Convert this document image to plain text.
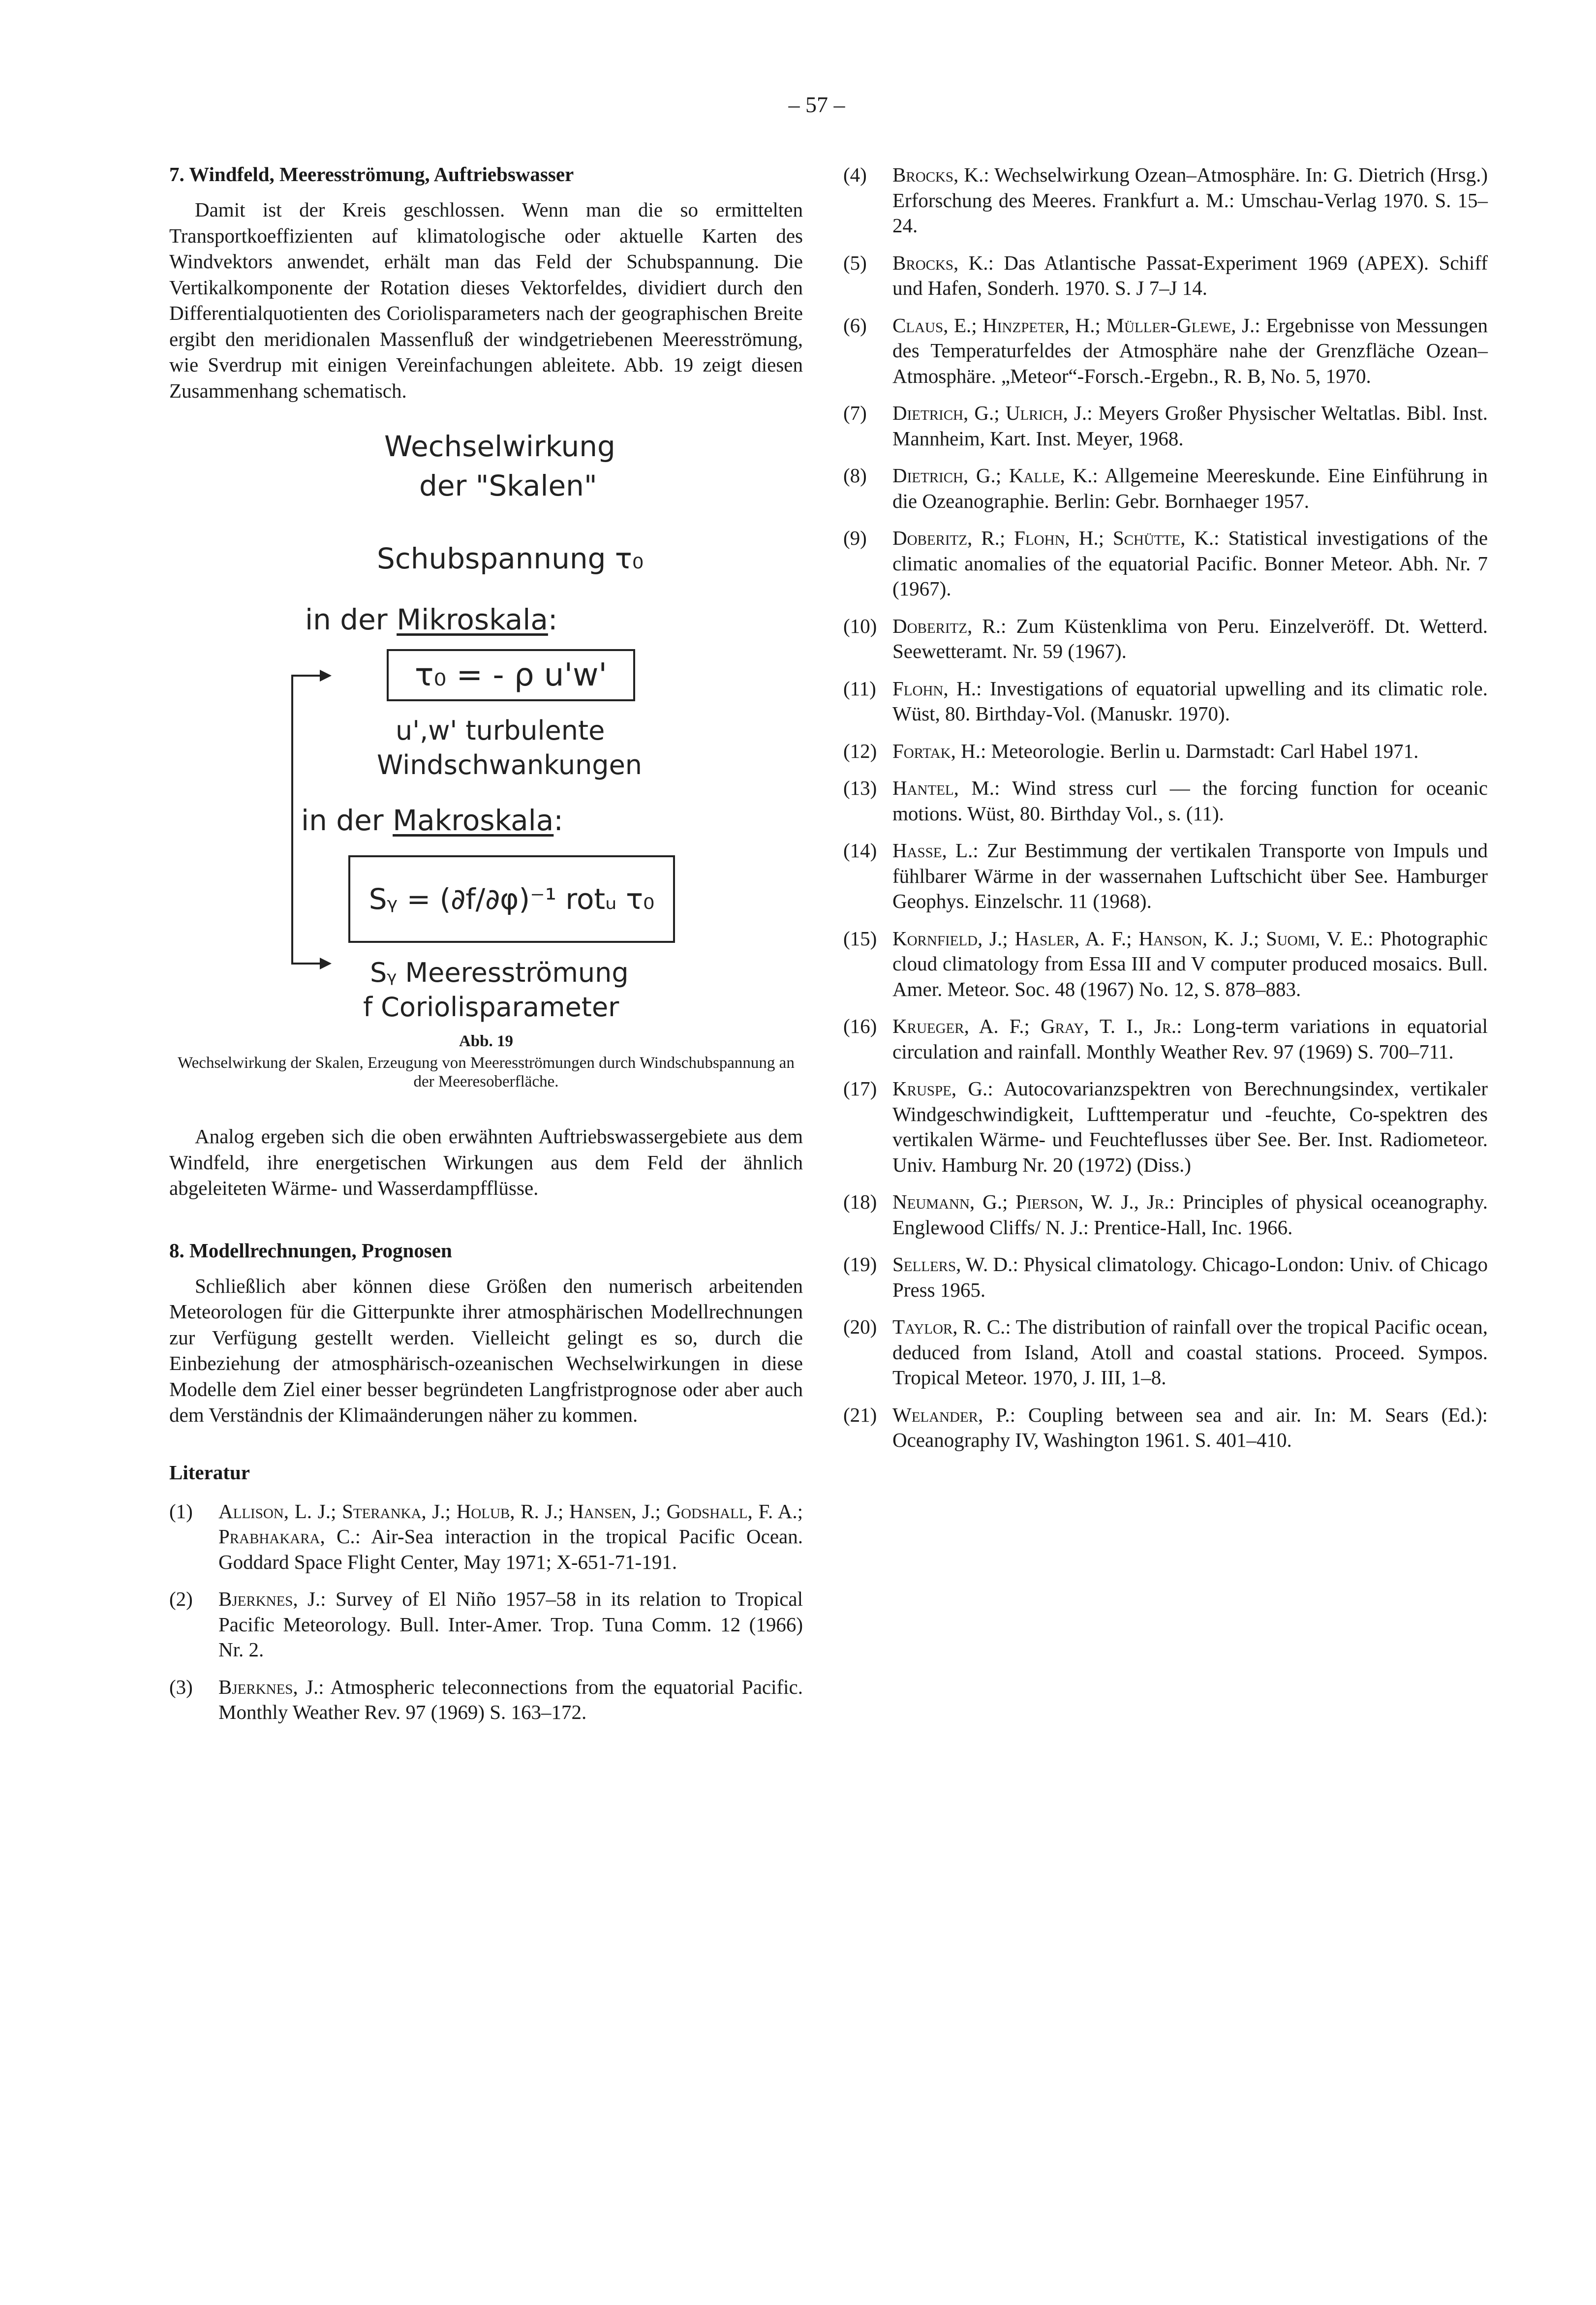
– 57 –

7. Windfeld, Meeresströmung, Auftriebswasser

Damit ist der Kreis geschlossen. Wenn man die so ermittelten Transportkoeffizienten auf klimatologische oder aktuelle Karten des Windvektors anwendet, erhält man das Feld der Schubspannung. Die Vertikalkomponente der Rotation dieses Vektorfeldes, dividiert durch den Differentialquotienten des Coriolisparameters nach der geographischen Breite ergibt den meridionalen Massenfluß der windgetriebenen Meeresströmung, wie Sverdrup mit einigen Vereinfachungen ableitete. Abb. 19 zeigt diesen Zusammenhang schematisch.

Wechselwirkung
der "Skalen"
Schubspannung τ₀
in der Mikroskala:
τ₀ = - ρ u'w'
u',w' turbulente
Windschwankungen
in der Makroskala:
Sᵧ = (∂f/∂φ)⁻¹ rotᵤ τ₀
Sᵧ Meeresströmung
f Coriolisparameter

Abb. 19

Wechselwirkung der Skalen, Erzeugung von Meeresströmungen durch Windschubspannung an der Meeresoberfläche.

Analog ergeben sich die oben erwähnten Auftriebswassergebiete aus dem Windfeld, ihre energetischen Wirkungen aus dem Feld der ähnlich abgeleiteten Wärme- und Wasserdampfflüsse.

8. Modellrechnungen, Prognosen

Schließlich aber können diese Größen den numerisch arbeitenden Meteorologen für die Gitterpunkte ihrer atmosphärischen Modellrechnungen zur Verfügung gestellt werden. Vielleicht gelingt es so, durch die Einbeziehung der atmosphärisch-ozeanischen Wechselwirkungen in diese Modelle dem Ziel einer besser begründeten Langfristprognose oder aber auch dem Verständnis der Klimaänderungen näher zu kommen.

Literatur

(1) Allison, L. J.; Steranka, J.; Holub, R. J.; Hansen, J.; Godshall, F. A.; Prabhakara, C.: Air-Sea interaction in the tropical Pacific Ocean. Goddard Space Flight Center, May 1971; X-651-71-191.
(2) Bjerknes, J.: Survey of El Niño 1957–58 in its relation to Tropical Pacific Meteorology. Bull. Inter-Amer. Trop. Tuna Comm. 12 (1966) Nr. 2.
(3) Bjerknes, J.: Atmospheric teleconnections from the equatorial Pacific. Monthly Weather Rev. 97 (1969) S. 163–172.
(4) Brocks, K.: Wechselwirkung Ozean–Atmosphäre. In: G. Dietrich (Hrsg.) Erforschung des Meeres. Frankfurt a. M.: Umschau-Verlag 1970. S. 15–24.
(5) Brocks, K.: Das Atlantische Passat-Experiment 1969 (APEX). Schiff und Hafen, Sonderh. 1970. S. J 7–J 14.
(6) Claus, E.; Hinzpeter, H.; Müller-Glewe, J.: Ergebnisse von Messungen des Temperaturfeldes der Atmosphäre nahe der Grenzfläche Ozean–Atmosphäre. „Meteor“-Forsch.-Ergebn., R. B, No. 5, 1970.
(7) Dietrich, G.; Ulrich, J.: Meyers Großer Physischer Weltatlas. Bibl. Inst. Mannheim, Kart. Inst. Meyer, 1968.
(8) Dietrich, G.; Kalle, K.: Allgemeine Meereskunde. Eine Einführung in die Ozeanographie. Berlin: Gebr. Bornhaeger 1957.
(9) Doberitz, R.; Flohn, H.; Schütte, K.: Statistical investigations of the climatic anomalies of the equatorial Pacific. Bonner Meteor. Abh. Nr. 7 (1967).
(10) Doberitz, R.: Zum Küstenklima von Peru. Einzelveröff. Dt. Wetterd. Seewetteramt. Nr. 59 (1967).
(11) Flohn, H.: Investigations of equatorial upwelling and its climatic role. Wüst, 80. Birthday-Vol. (Manuskr. 1970).
(12) Fortak, H.: Meteorologie. Berlin u. Darmstadt: Carl Habel 1971.
(13) Hantel, M.: Wind stress curl — the forcing function for oceanic motions. Wüst, 80. Birthday Vol., s. (11).
(14) Hasse, L.: Zur Bestimmung der vertikalen Transporte von Impuls und fühlbarer Wärme in der wassernahen Luftschicht über See. Hamburger Geophys. Einzelschr. 11 (1968).
(15) Kornfield, J.; Hasler, A. F.; Hanson, K. J.; Suomi, V. E.: Photographic cloud climatology from Essa III and V computer produced mosaics. Bull. Amer. Meteor. Soc. 48 (1967) No. 12, S. 878–883.
(16) Krueger, A. F.; Gray, T. I., Jr.: Long-term variations in equatorial circulation and rainfall. Monthly Weather Rev. 97 (1969) S. 700–711.
(17) Kruspe, G.: Autocovarianzspektren von Berechnungsindex, vertikaler Windgeschwindigkeit, Lufttemperatur und -feuchte, Co-spektren des vertikalen Wärme- und Feuchteflusses über See. Ber. Inst. Radiometeor. Univ. Hamburg Nr. 20 (1972) (Diss.)
(18) Neumann, G.; Pierson, W. J., Jr.: Principles of physical oceanography. Englewood Cliffs/ N. J.: Prentice-Hall, Inc. 1966.
(19) Sellers, W. D.: Physical climatology. Chicago-London: Univ. of Chicago Press 1965.
(20) Taylor, R. C.: The distribution of rainfall over the tropical Pacific ocean, deduced from Island, Atoll and coastal stations. Proceed. Sympos. Tropical Meteor. 1970, J. III, 1–8.
(21) Welander, P.: Coupling between sea and air. In: M. Sears (Ed.): Oceanography IV, Washington 1961. S. 401–410.
